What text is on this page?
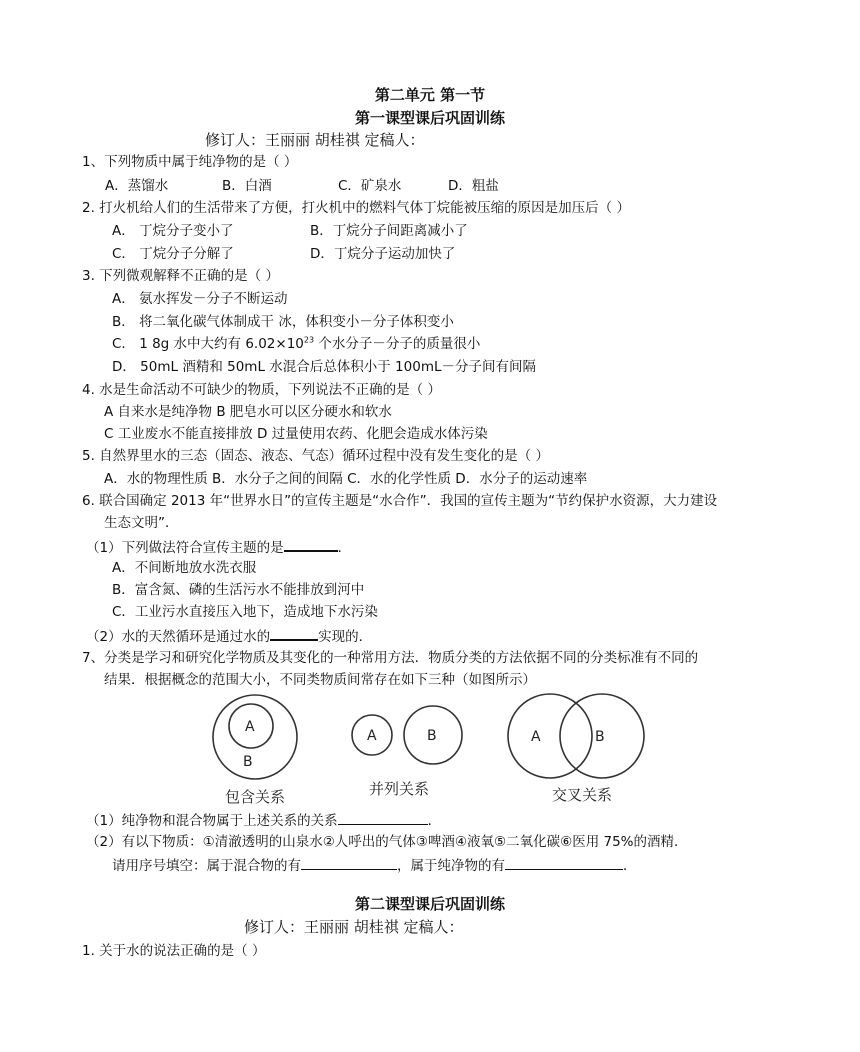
第二单元 第一节
第一课型课后巩固训练
修订人：王丽丽 胡桂祺 定稿人：
1、下列物质中属于纯净物的是（ ）
A．蒸馏水	B．白酒	C．矿泉水	D．粗盐
2. 打火机给人们的生活带来了方便，打火机中的燃料气体丁烷能被压缩的原因是加压后（ ）
A． 丁烷分子变小了	B．丁烷分子间距离减小了
C． 丁烷分子分解了	D．丁烷分子运动加快了
3. 下列微观解释不正确的是（ ）
A． 氨水挥发－分子不断运动
B． 将二氧化碳气体制成干 冰，体积变小－分子体积变小
C． 1 8g 水中大约有 $6.02\times 10^{23}$ 个水分子－分子的质量很小
D． 50mL 酒精和 50mL 水混合后总体积小于 100mL－分子间有间隔
4. 水是生命活动不可缺少的物质，下列说法不正确的是（ ）
A 自来水是纯净物 B 肥皂水可以区分硬水和软水
C 工业废水不能直接排放 D 过量使用农药、化肥会造成水体污染
5. 自然界里水的三态（固态、液态、气态）循环过程中没有发生变化的是（ ）
A．水的物理性质 B．水分子之间的间隔 C．水的化学性质 D．水分子的运动速率
6. 联合国确定 2013 年“世界水日”的宣传主题是“水合作”．我国的宣传主题为“节约保护水资源，大力建设
生态文明”．
（1）下列做法符合宣传主题的是	．
A．不间断地放水洗衣服
B．富含氮、磷的生活污水不能排放到河中
C．工业污水直接压入地下，造成地下水污染
（2）水的天然循环是通过水的	实现的．
7、分类是学习和研究化学物质及其变化的一种常用方法．物质分类的方法依据不同的分类标准有不同的
结果．根据概念的范围大小，不同类物质间常存在如下三种（如图所示）
A
B
包含关系
A	B
并列关系
A	B
交叉关系
（1）纯净物和混合物属于上述关系的关系	．
（2）有以下物质：①清澈透明的山泉水②人呼出的气体③啤酒④液氧⑤二氧化碳⑥医用 75%的酒精．
请用序号填空：属于混合物的有	，属于纯净物的有	．
第二课型课后巩固训练
修订人：王丽丽 胡桂祺 定稿人：
1. 关于水的说法正确的是（ ）
